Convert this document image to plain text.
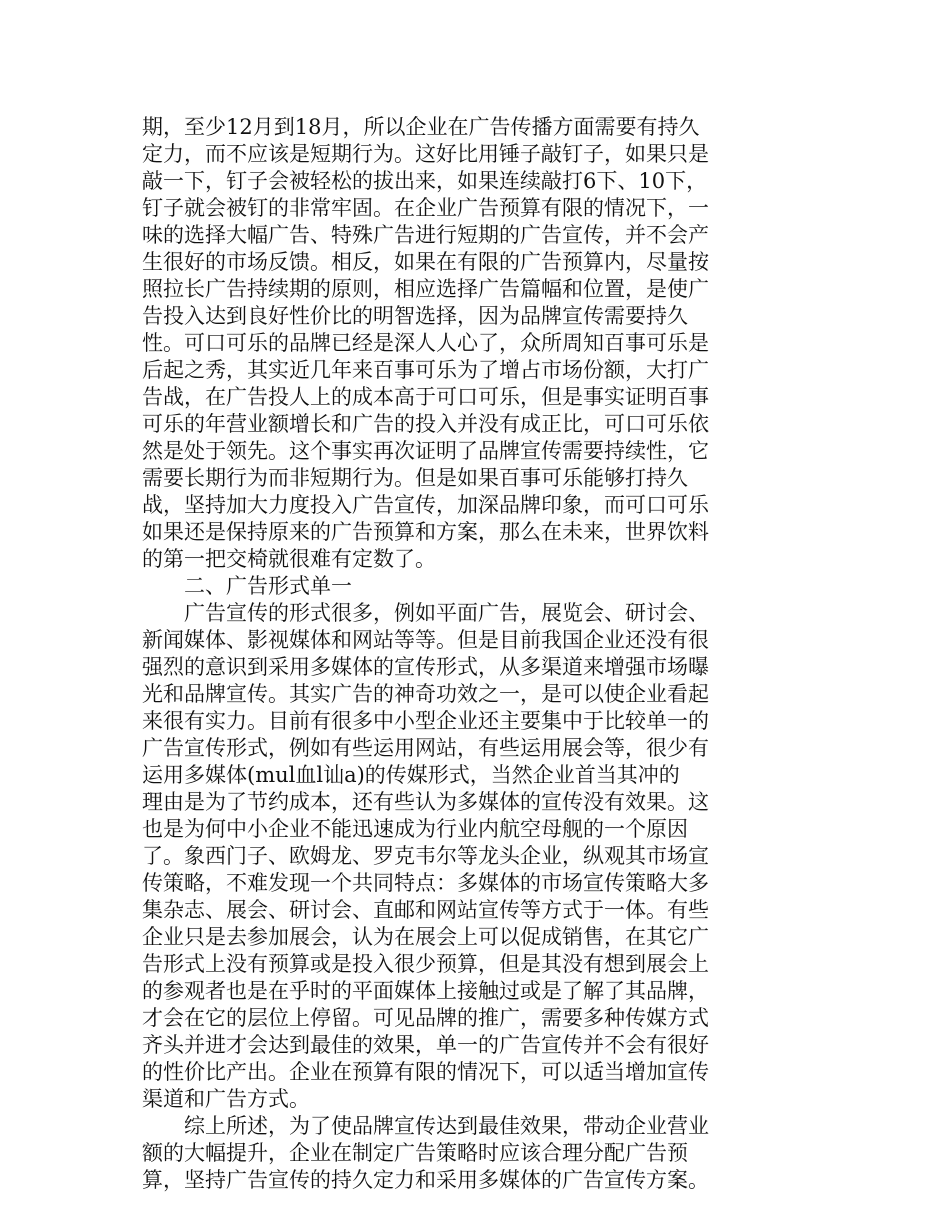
期，至少12月到18月，所以企业在广告传播方面需要有持久
定力，而不应该是短期行为。这好比用锤子敲钉子，如果只是
敲一下，钉子会被轻松的拔出来，如果连续敲打6下、10下，
钉子就会被钉的非常牢固。在企业广告预算有限的情况下，一
味的选择大幅广告、特殊广告进行短期的广告宣传，并不会产
生很好的市场反馈。相反，如果在有限的广告预算内，尽量按
照拉长广告持续期的原则，相应选择广告篇幅和位置，是使广
告投入达到良好性价比的明智选择，因为品牌宣传需要持久
性。可口可乐的品牌已经是深人人心了，众所周知百事可乐是
后起之秀，其实近几年来百事可乐为了增占市场份额，大打广
告战，在广告投人上的成本高于可口可乐，但是事实证明百事
可乐的年营业额增长和广告的投入并没有成正比，可口可乐依
然是处于领先。这个事实再次证明了品牌宣传需要持续性，它
需要长期行为而非短期行为。但是如果百事可乐能够打持久
战，坚持加大力度投入广告宣传，加深品牌印象，而可口可乐
如果还是保持原来的广告预算和方案，那么在未来，世界饮料
的第一把交椅就很难有定数了。
二、广告形式单一
广告宣传的形式很多，例如平面广告，展览会、研讨会、
新闻媒体、影视媒体和网站等等。但是目前我国企业还没有很
强烈的意识到采用多媒体的宣传形式，从多渠道来增强市场曝
光和品牌宣传。其实广告的神奇功效之一，是可以使企业看起
来很有实力。目前有很多中小型企业还主要集中于比较单一的
广告宣传形式，例如有些运用网站，有些运用展会等，很少有
运用多媒体(mul血l讪a)的传媒形式，当然企业首当其冲的
理由是为了节约成本，还有些认为多媒体的宣传没有效果。这
也是为何中小企业不能迅速成为行业内航空母舰的一个原因
了。象西门子、欧姆龙、罗克韦尔等龙头企业，纵观其市场宣
传策略，不难发现一个共同特点：多媒体的市场宣传策略大多
集杂志、展会、研讨会、直邮和网站宣传等方式于一体。有些
企业只是去参加展会，认为在展会上可以促成销售，在其它广
告形式上没有预算或是投入很少预算，但是其没有想到展会上
的参观者也是在乎时的平面媒体上接触过或是了解了其品牌，
才会在它的层位上停留。可见品牌的推广，需要多种传媒方式
齐头并进才会达到最佳的效果，单一的广告宣传并不会有很好
的性价比产出。企业在预算有限的情况下，可以适当增加宣传
渠道和广告方式。
综上所述，为了使品牌宣传达到最佳效果，带动企业营业
额的大幅提升，企业在制定广告策略时应该合理分配广告预
算，坚持广告宣传的持久定力和采用多媒体的广告宣传方案。
